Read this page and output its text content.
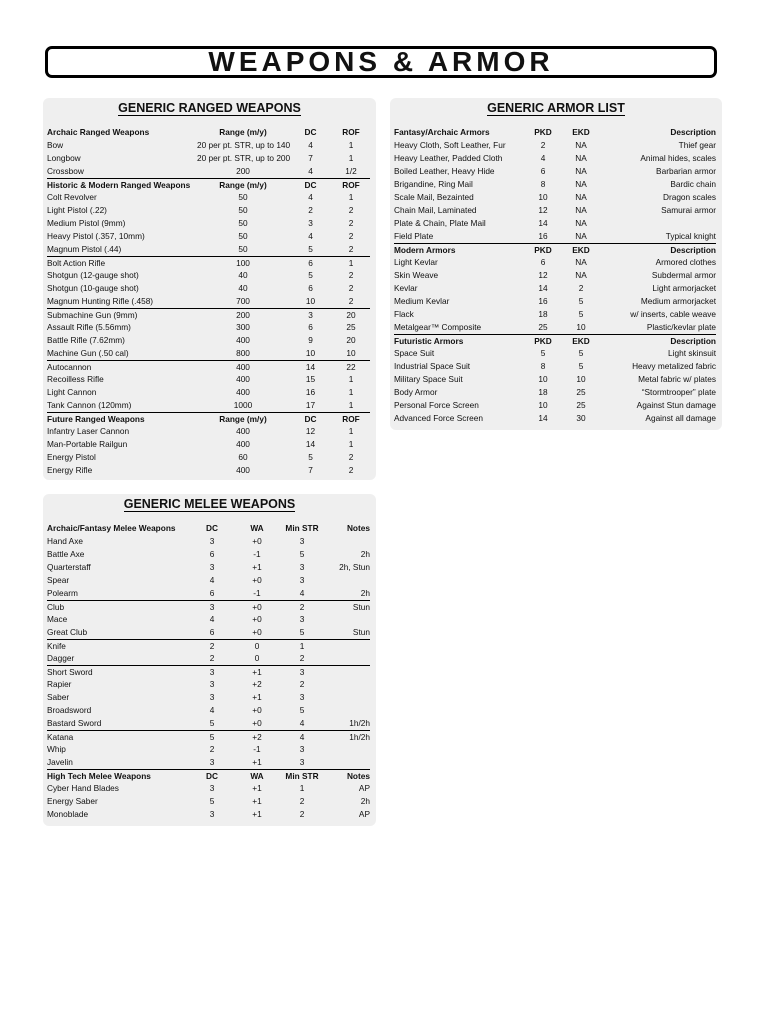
WEAPONS & ARMOR
GENERIC RANGED WEAPONS
Archaic Ranged Weapons	Range (m/y)	DC	ROF
Bow	20 per pt. STR, up to 140	4	1
Longbow	20 per pt. STR, up to 200	7	1
Crossbow	200	4	1/2
Historic & Modern Ranged Weapons	Range (m/y)	DC	ROF
Colt Revolver	50	4	1
Light Pistol (.22)	50	2	2
Medium Pistol (9mm)	50	3	2
Heavy Pistol (.357, 10mm)	50	4	2
Magnum Pistol (.44)	50	5	2
Bolt Action Rifle	100	6	1
Shotgun (12-gauge shot)	40	5	2
Shotgun (10-gauge shot)	40	6	2
Magnum Hunting Rifle (.458)	700	10	2
Submachine Gun (9mm)	200	3	20
Assault Rifle (5.56mm)	300	6	25
Battle Rifle (7.62mm)	400	9	20
Machine Gun (.50 cal)	800	10	10
Autocannon	400	14	22
Recoilless Rifle	400	15	1
Light Cannon	400	16	1
Tank Cannon (120mm)	1000	17	1
Future Ranged Weapons	Range (m/y)	DC	ROF
Infantry Laser Cannon	400	12	1
Man-Portable Railgun	400	14	1
Energy Pistol	60	5	2
Energy Rifle	400	7	2
GENERIC ARMOR LIST
Fantasy/Archaic Armors	PKD	EKD	Description
Heavy Cloth, Soft Leather, Fur	2	NA	Thief gear
Heavy Leather, Padded Cloth	4	NA	Animal hides, scales
Boiled Leather, Heavy Hide	6	NA	Barbarian armor
Brigandine, Ring Mail	8	NA	Bardic chain
Scale Mail, Bezainted	10	NA	Dragon scales
Chain Mail, Laminated	12	NA	Samurai armor
Plate & Chain, Plate Mail	14	NA
Field Plate	16	NA	Typical knight
Modern Armors	PKD	EKD	Description
Light Kevlar	6	NA	Armored clothes
Skin Weave	12	NA	Subdermal armor
Kevlar	14	2	Light armorjacket
Medium Kevlar	16	5	Medium armorjacket
Flack	18	5	w/ inserts, cable weave
Metalgear™ Composite	25	10	Plastic/kevlar plate
Futuristic Armors	PKD	EKD	Description
Space Suit	5	5	Light skinsuit
Industrial Space Suit	8	5	Heavy metalized fabric
Military Space Suit	10	10	Metal fabric w/ plates
Body Armor	18	25	“Stormtrooper” plate
Personal Force Screen	10	25	Against Stun damage
Advanced Force Screen	14	30	Against all damage
GENERIC MELEE WEAPONS
Archaic/Fantasy Melee Weapons	DC	WA	Min STR	Notes
Hand Axe	3	+0	3
Battle Axe	6	-1	5	2h
Quarterstaff	3	+1	3	2h, Stun
Spear	4	+0	3
Polearm	6	-1	4	2h
Club	3	+0	2	Stun
Mace	4	+0	3
Great Club	6	+0	5	Stun
Knife	2	0	1
Dagger	2	0	2
Short Sword	3	+1	3
Rapier	3	+2	2
Saber	3	+1	3
Broadsword	4	+0	5
Bastard Sword	5	+0	4	1h/2h
Katana	5	+2	4	1h/2h
Whip	2	-1	3
Javelin	3	+1	3
High Tech Melee Weapons	DC	WA	Min STR	Notes
Cyber Hand Blades	3	+1	1	AP
Energy Saber	5	+1	2	2h
Monoblade	3	+1	2	AP
